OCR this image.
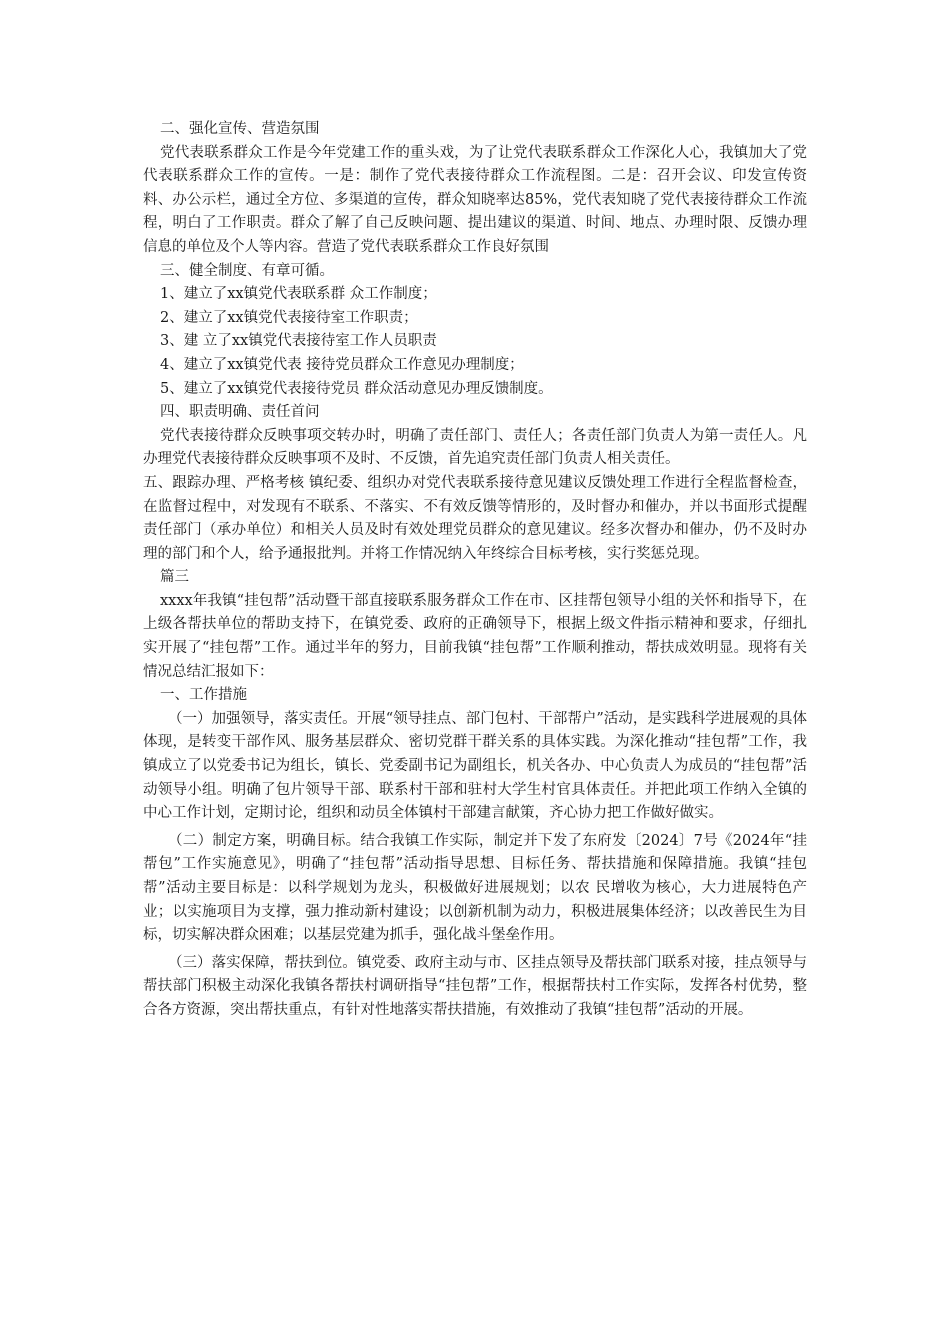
二、强化宣传、营造氛围

党代表联系群众工作是今年党建工作的重头戏，为了让党代表联系群众工作深化人心，我镇加大了党代表联系群众工作的宣传。一是：制作了党代表接待群众工作流程图。二是：召开会议、印发宣传资料、办公示栏，通过全方位、多渠道的宣传，群众知晓率达85%，党代表知晓了党代表接待群众工作流程，明白了工作职责。群众了解了自己反映问题、提出建议的渠道、时间、地点、办理时限、反馈办理信息的单位及个人等内容。营造了党代表联系群众工作良好氛围

三、健全制度、有章可循。

1、建立了xx镇党代表联系群 众工作制度；

2、建立了xx镇党代表接待室工作职责；

3、建 立了xx镇党代表接待室工作人员职责

4、建立了xx镇党代表 接待党员群众工作意见办理制度；

5、建立了xx镇党代表接待党员 群众活动意见办理反馈制度。

四、职责明确、责任首问

党代表接待群众反映事项交转办时，明确了责任部门、责任人；各责任部门负责人为第一责任人。凡办理党代表接待群众反映事项不及时、不反馈，首先追究责任部门负责人相关责任。

五、跟踪办理、严格考核 镇纪委、组织办对党代表联系接待意见建议反馈处理工作进行全程监督检查，在监督过程中，对发现有不联系、不落实、不有效反馈等情形的，及时督办和催办，并以书面形式提醒责任部门（承办单位）和相关人员及时有效处理党员群众的意见建议。经多次督办和催办，仍不及时办理的部门和个人，给予通报批判。并将工作情况纳入年终综合目标考核，实行奖惩兑现。

篇三

xxxx年我镇“挂包帮”活动暨干部直接联系服务群众工作在市、区挂帮包领导小组的关怀和指导下，在上级各帮扶单位的帮助支持下，在镇党委、政府的正确领导下，根据上级文件指示精神和要求，仔细扎实开展了“挂包帮”工作。通过半年的努力，目前我镇“挂包帮”工作顺利推动，帮扶成效明显。现将有关情况总结汇报如下：

一、工作措施

（一）加强领导，落实责任。开展“领导挂点、部门包村、干部帮户”活动，是实践科学进展观的具体体现，是转变干部作风、服务基层群众、密切党群干群关系的具体实践。为深化推动“挂包帮”工作，我镇成立了以党委书记为组长，镇长、党委副书记为副组长，机关各办、中心负责人为成员的“挂包帮”活动领导小组。明确了包片领导干部、联系村干部和驻村大学生村官具体责任。并把此项工作纳入全镇的中心工作计划，定期讨论，组织和动员全体镇村干部建言献策，齐心协力把工作做好做实。

（二）制定方案，明确目标。结合我镇工作实际，制定并下发了东府发〔2024〕7号《2024年“挂帮包”工作实施意见》，明确了“挂包帮”活动指导思想、目标任务、帮扶措施和保障措施。我镇“挂包帮”活动主要目标是：以科学规划为龙头，积极做好进展规划；以农 民增收为核心，大力进展特色产业；以实施项目为支撑，强力推动新村建设；以创新机制为动力，积极进展集体经济；以改善民生为目标，切实解决群众困难；以基层党建为抓手，强化战斗堡垒作用。

（三）落实保障，帮扶到位。镇党委、政府主动与市、区挂点领导及帮扶部门联系对接，挂点领导与帮扶部门积极主动深化我镇各帮扶村调研指导“挂包帮”工作，根据帮扶村工作实际，发挥各村优势，整合各方资源，突出帮扶重点，有针对性地落实帮扶措施，有效推动了我镇“挂包帮”活动的开展。
